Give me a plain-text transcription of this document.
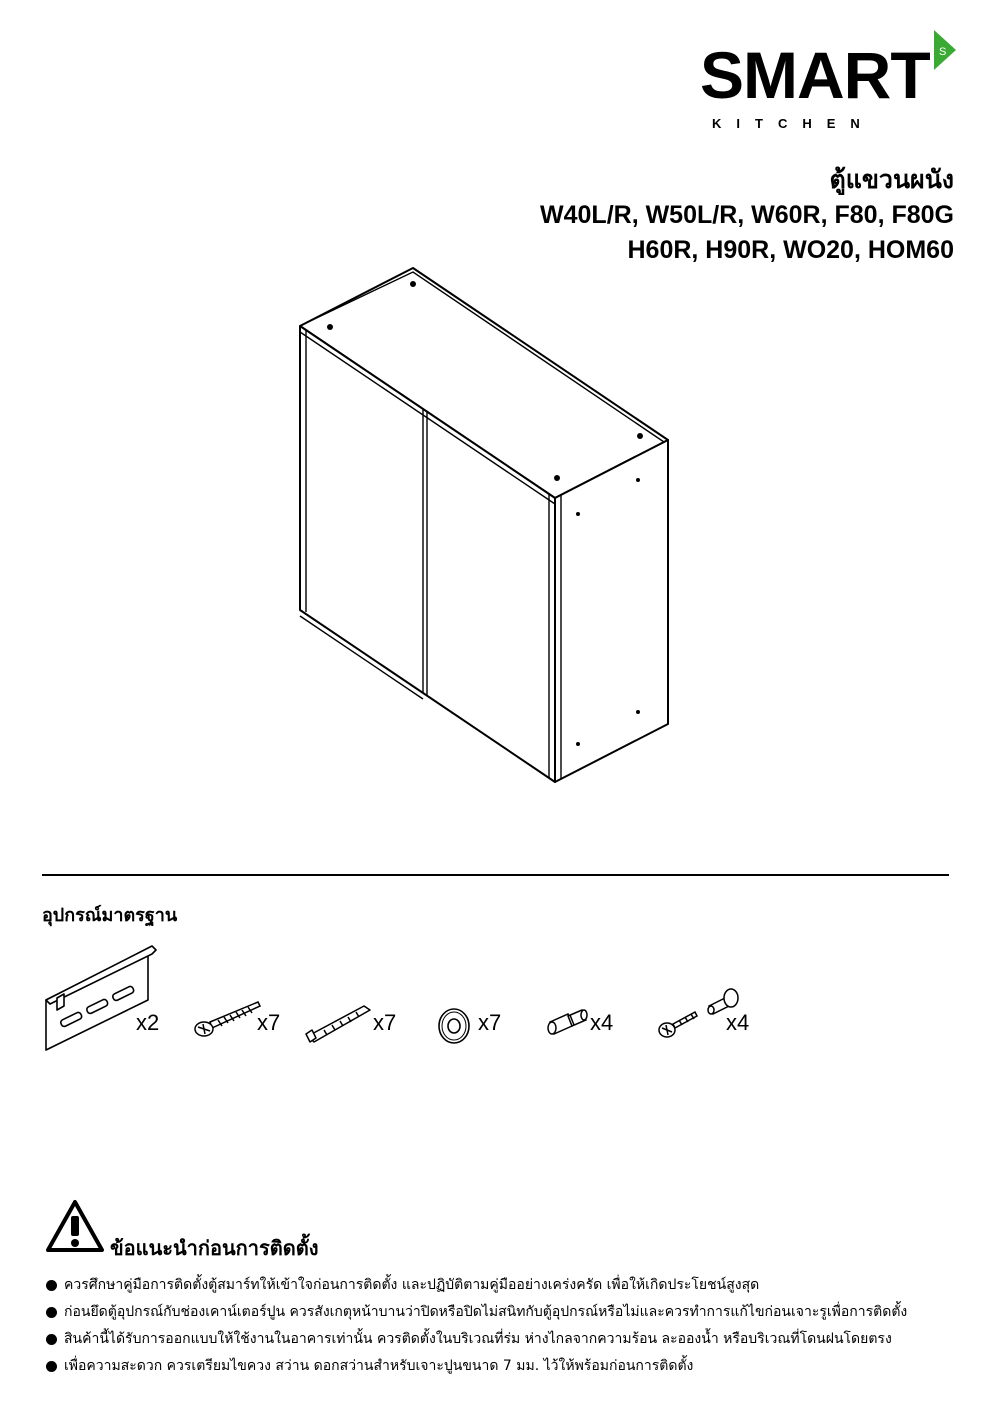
SMART
KITCHEN
S
ตู้แขวนผนัง
W40L/R, W50L/R, W60R, F80, F80G
H60R, H90R, WO20, HOM60
อุปกรณ์มาตรฐาน
x2	x7	x7	x7	x4	x4
ข้อแนะนำก่อนการติดตั้ง
ควรศึกษาคู่มือการติดตั้งตู้สมาร์ทให้เข้าใจก่อนการติดตั้ง และปฏิบัติตามคู่มืออย่างเคร่งครัด เพื่อให้เกิดประโยชน์สูงสุด
ก่อนยึดตู้อุปกรณ์กับช่องเคาน์เตอร์ปูน ควรสังเกตุหน้าบานว่าปิดหรือปิดไม่สนิทกับตู้อุปกรณ์หรือไม่และควรทำการแก้ไขก่อนเจาะรูเพื่อการติดตั้ง
สินค้านี้ได้รับการออกแบบให้ใช้งานในอาคารเท่านั้น ควรติดตั้งในบริเวณที่ร่ม ห่างไกลจากความร้อน ละอองน้ำ หรือบริเวณที่โดนฝนโดยตรง
เพื่อความสะดวก ควรเตรียมไขควง สว่าน ดอกสว่านสำหรับเจาะปูนขนาด 7 มม. ไว้ให้พร้อมก่อนการติดตั้ง
